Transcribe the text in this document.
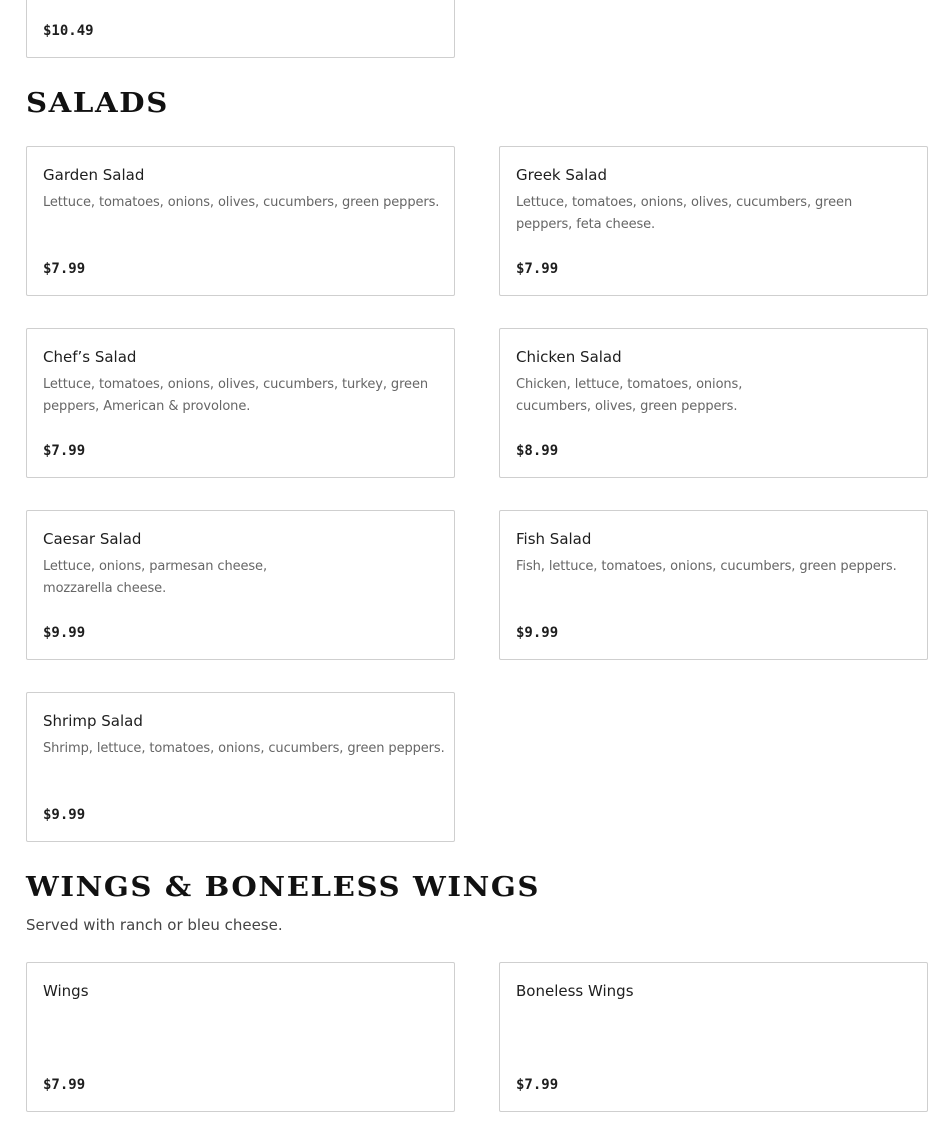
$10.49
SALADS
Garden Salad
Lettuce, tomatoes, onions, olives, cucumbers, green peppers.
$7.99
Greek Salad
Lettuce, tomatoes, onions, olives, cucumbers, green peppers, feta cheese.
$7.99
Chef’s Salad
Lettuce, tomatoes, onions, olives, cucumbers, turkey, green peppers, American & provolone.
$7.99
Chicken Salad
Chicken, lettuce, tomatoes, onions, cucumbers, olives, green peppers.
$8.99
Caesar Salad
Lettuce, onions, parmesan cheese, mozzarella cheese.
$9.99
Fish Salad
Fish, lettuce, tomatoes, onions, cucumbers, green peppers.
$9.99
Shrimp Salad
Shrimp, lettuce, tomatoes, onions, cucumbers, green peppers.
$9.99
WINGS & BONELESS WINGS
Served with ranch or bleu cheese.
Wings
$7.99
Boneless Wings
$7.99
